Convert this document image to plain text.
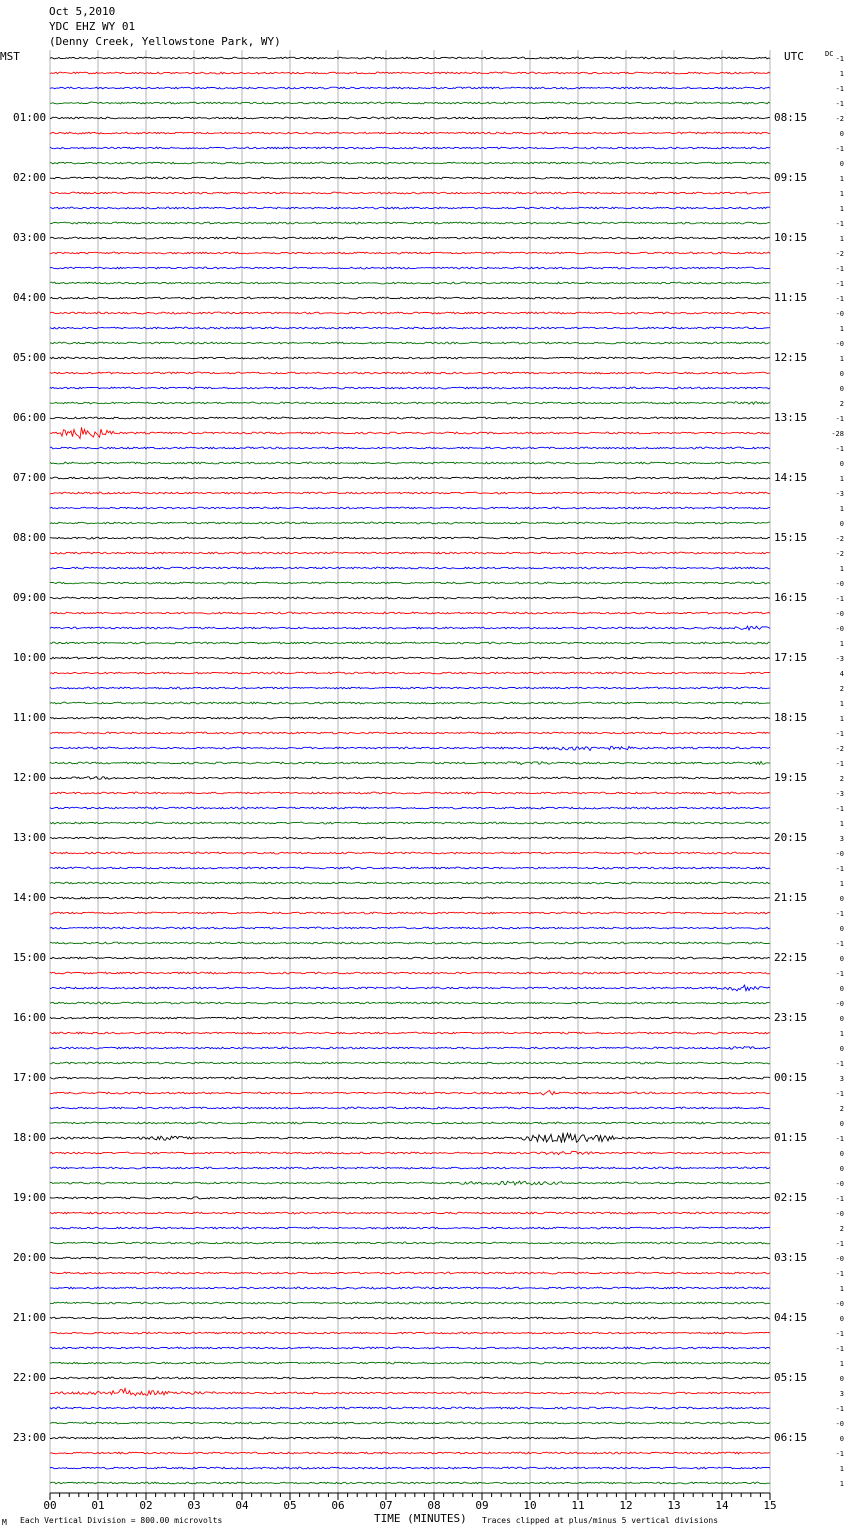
00	01	02	03	04	05	06	07	08	09	10	11	12	13	14	15
Oct 5,2010
YDC EHZ WY 01
(Denny Creek, Yellowstone Park, WY)
MST	UTC	DC
01:00
02:00
03:00
04:00
05:00
06:00
07:00
08:00
09:00
10:00
11:00
12:00
13:00
14:00
15:00
16:00
17:00
18:00
19:00
20:00
21:00
22:00
23:00
08:15
09:15
10:15
11:15
12:15
13:15
14:15
15:15
16:15
17:15
18:15
19:15
20:15
21:15
22:15
23:15
00:15
01:15
02:15
03:15
04:15
05:15
06:15
-1
1
-1
-1
-2
0
-1
0
1
1
1
-1
1
-2
-1
-1
-1
-0
1
-0
1
0
0
2
-1
-28
-1
0
1
-3
1
0
-2
-2
1
-0
-1
-0
-0
1
-3
4
2
1
1
-1
-2
-1
2
-3
-1
1
3
-0
-1
1
0
-1
0
-1
0
-1
0
-0
0
1
0
-1
3
-1
2
0
-1
0
0
-0
-1
-0
2
-1
-0
-1
1
-0
0
-1
-1
1
0
3
-1
-0
0
-1
1
1
M Each Vertical Division = 800.00 microvolts	TIME (MINUTES) Traces clipped at plus/minus 5 vertical divisions
